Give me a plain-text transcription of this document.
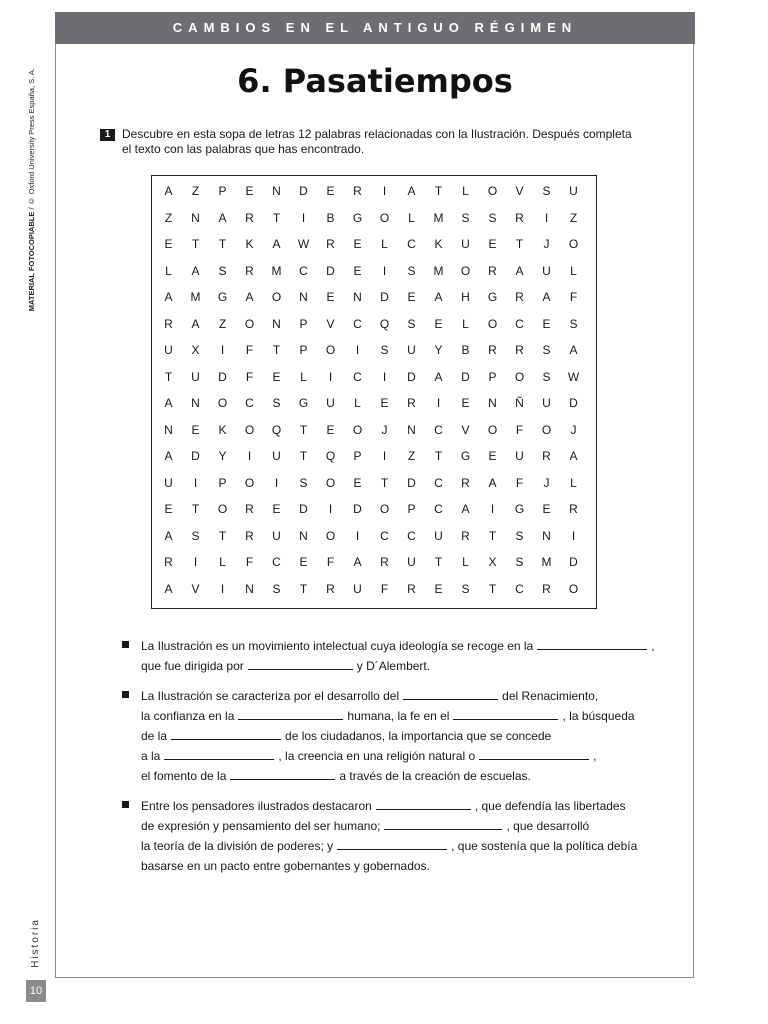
CAMBIOS EN EL ANTIGUO RÉGIMEN
MATERIAL FOTOCOPIABLE / © Oxford University Press España, S. A.
Historia
10
6. Pasatiempos
1 Descubre en esta sopa de letras 12 palabras relacionadas con la Ilustración. Después completa el texto con las palabras que has encontrado.
A	Z	P	E	N	D	E	R	I	A	T	L	O	V	S	U
Z	N	A	R	T	I	B	G	O	L	M	S	S	R	I	Z
E	T	T	K	A	W	R	E	L	C	K	U	E	T	J	O
L	A	S	R	M	C	D	E	I	S	M	O	R	A	U	L
A	M	G	A	O	N	E	N	D	E	A	H	G	R	A	F
R	A	Z	O	N	P	V	C	Q	S	E	L	O	C	E	S
U	X	I	F	T	P	O	I	S	U	Y	B	R	R	S	A
T	U	D	F	E	L	I	C	I	D	A	D	P	O	S	W
A	N	O	C	S	G	U	L	E	R	I	E	N	Ñ	U	D
N	E	K	O	Q	T	E	O	J	N	C	V	O	F	O	J
A	D	Y	I	U	T	Q	P	I	Z	T	G	E	U	R	A
U	I	P	O	I	S	O	E	T	D	C	R	A	F	J	L
E	T	O	R	E	D	I	D	O	P	C	A	I	G	E	R
A	S	T	R	U	N	O	I	C	C	U	R	T	S	N	I
R	I	L	F	C	E	F	A	R	U	T	L	X	S	M	D
A	V	I	N	S	T	R	U	F	R	E	S	T	C	R	O
La Ilustración es un movimiento intelectual cuya ideología se recoge en la	,
que fue dirigida por	y D´Alembert.
La Ilustración se caracteriza por el desarrollo del	del Renacimiento,
la confianza en la	humana, la fe en el	, la búsqueda
de la	de los ciudadanos, la importancia que se concede
a la	, la creencia en una religión natural o	,
el fomento de la	a través de la creación de escuelas.
Entre los pensadores ilustrados destacaron	, que defendía las libertades
de expresión y pensamiento del ser humano;	, que desarrolló
la teoría de la división de poderes; y	, que sostenía que la política debía
basarse en un pacto entre gobernantes y gobernados.
